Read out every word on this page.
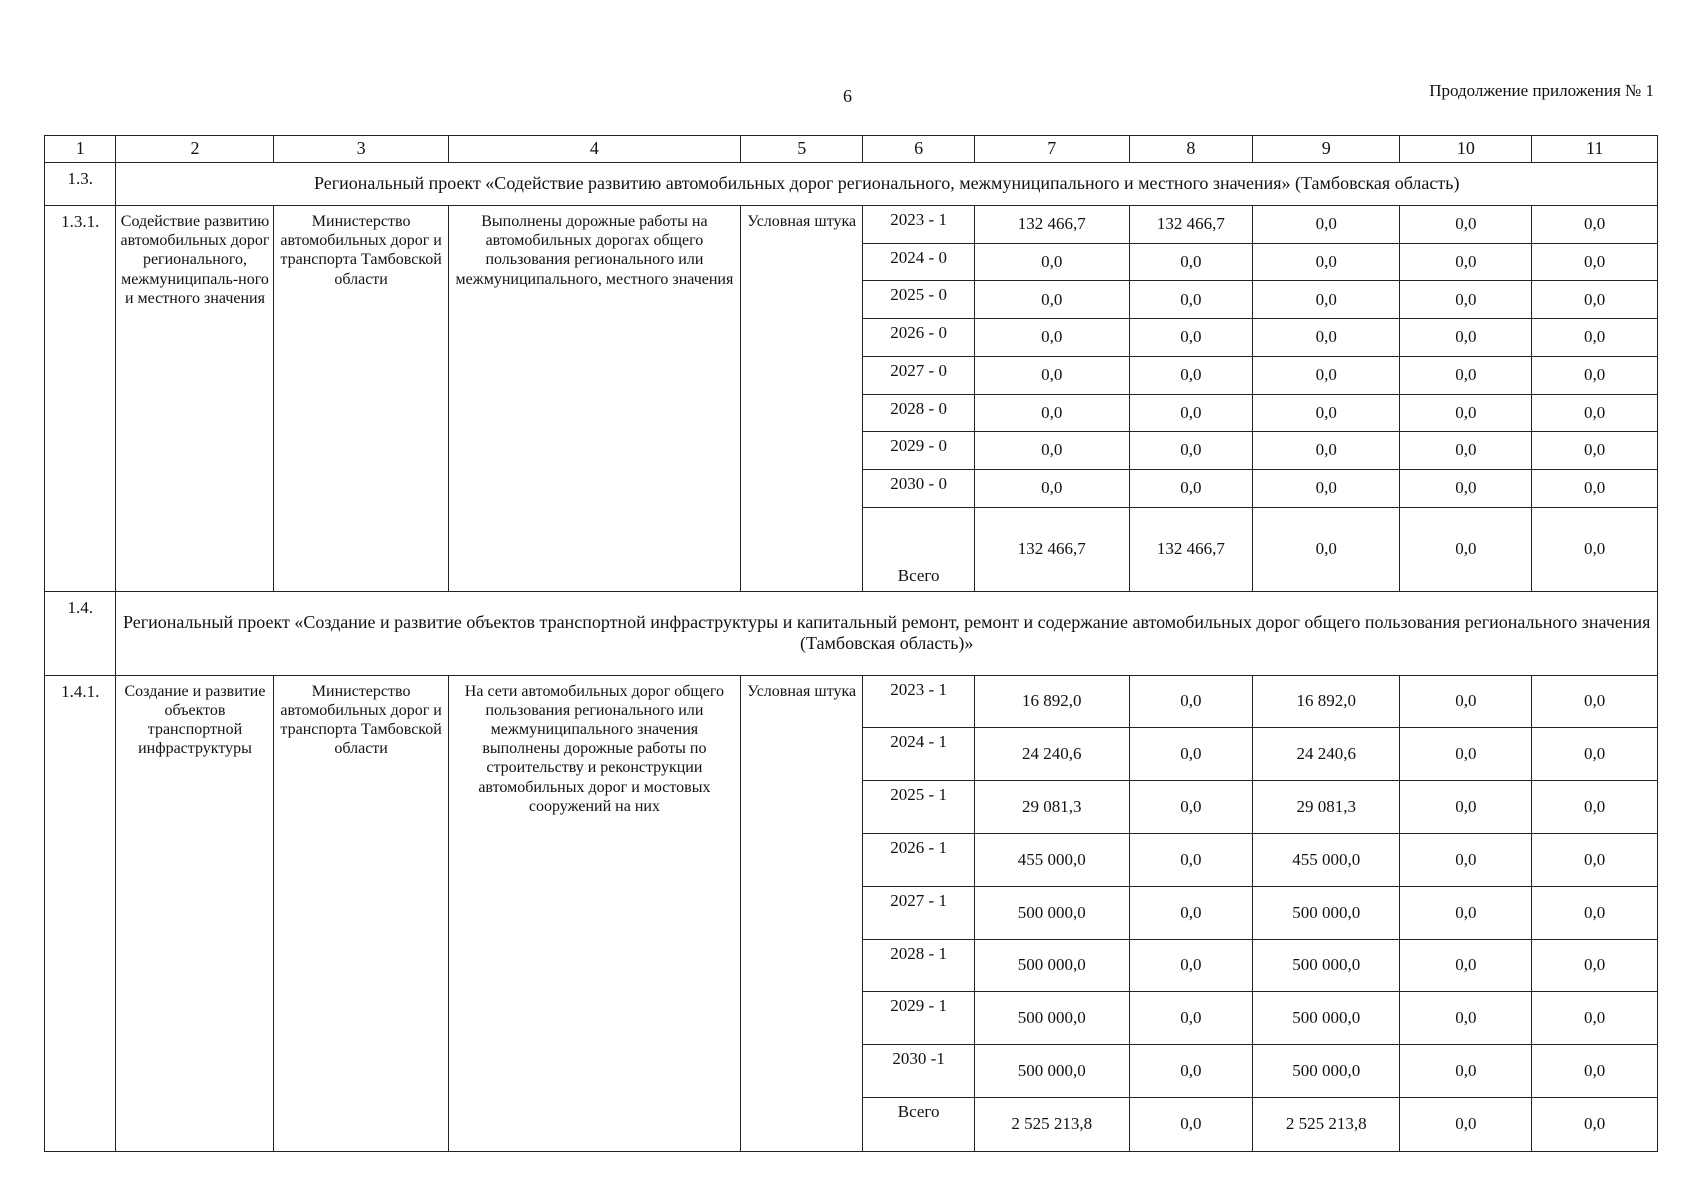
6	Продолжение приложения № 1
1	2	3	4	5	6	7	8	9	10	11
1.3.	Региональный проект «Содействие развитию автомобильных дорог регионального, межмуниципального и местного значения» (Тамбовская область)									
1.3.1.	Содействие развитию автомобильных дорог регионального, межмуниципаль-ного и местного значения	Министерство автомобильных дорог и транспорта Тамбовской области	Выполнены дорожные работы на автомобильных дорогах общего пользования регионального или межмуниципального, местного значения	Условная штука	2023 - 1	132 466,7	132 466,7	0,0	0,0	0,0
					2024 - 0	0,0	0,0	0,0	0,0	0,0
					2025 - 0	0,0	0,0	0,0	0,0	0,0
					2026 - 0	0,0	0,0	0,0	0,0	0,0
					2027 - 0	0,0	0,0	0,0	0,0	0,0
					2028 - 0	0,0	0,0	0,0	0,0	0,0
					2029 - 0	0,0	0,0	0,0	0,0	0,0
					2030 - 0	0,0	0,0	0,0	0,0	0,0
					Всего	132 466,7	132 466,7	0,0	0,0	0,0
1.4.	Региональный проект «Создание и развитие объектов транспортной инфраструктуры и капитальный ремонт, ремонт и содержание автомобильных дорог общего пользования регионального значения (Тамбовская область)»									
1.4.1.	Создание и развитие объектов транспортной инфраструктуры	Министерство автомобильных дорог и транспорта Тамбовской области	На сети автомобильных дорог общего пользования регионального или межмуниципального значения выполнены дорожные работы по строительству и реконструкции автомобильных дорог и мостовых сооружений на них	Условная штука	2023 - 1	16 892,0	0,0	16 892,0	0,0	0,0
					2024 - 1	24 240,6	0,0	24 240,6	0,0	0,0
					2025 - 1	29 081,3	0,0	29 081,3	0,0	0,0
					2026 - 1	455 000,0	0,0	455 000,0	0,0	0,0
					2027 - 1	500 000,0	0,0	500 000,0	0,0	0,0
					2028 - 1	500 000,0	0,0	500 000,0	0,0	0,0
					2029 - 1	500 000,0	0,0	500 000,0	0,0	0,0
					2030 -1	500 000,0	0,0	500 000,0	0,0	0,0
					Всего	2 525 213,8	0,0	2 525 213,8	0,0	0,0
